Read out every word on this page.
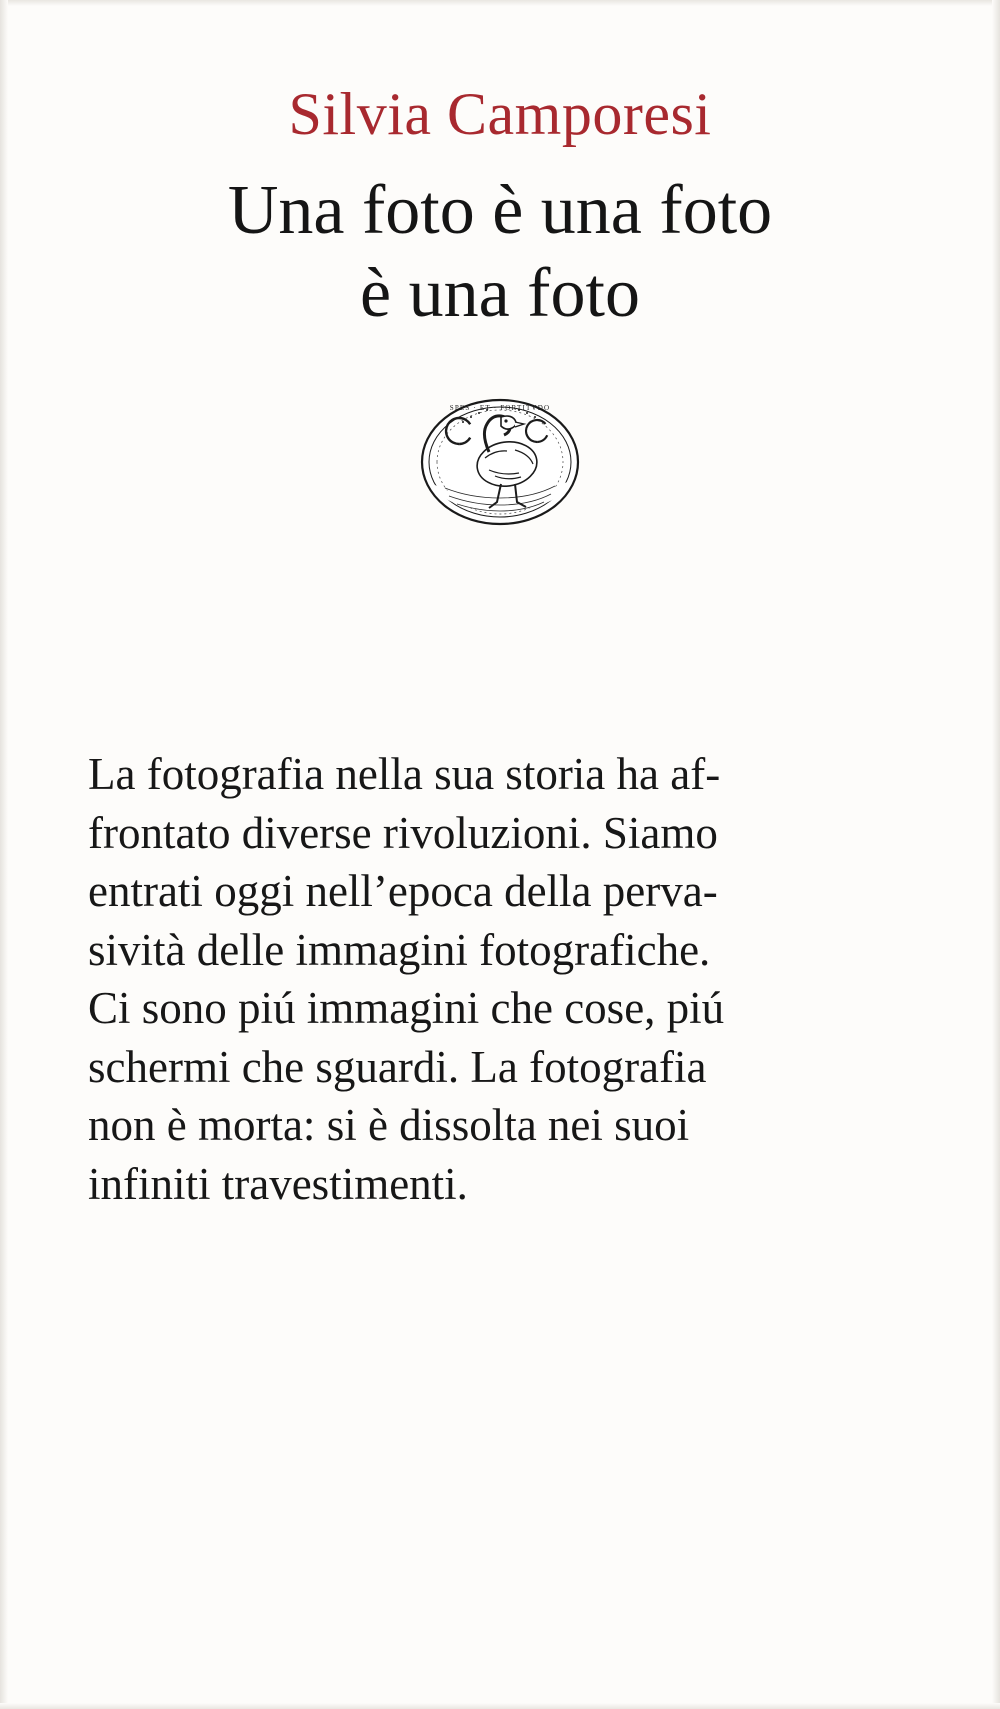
Silvia Camporesi
Una foto è una foto
è una foto
SPES · ET · FORTITVDO
La fotografia nella sua storia ha af-
frontato diverse rivoluzioni. Siamo
entrati oggi nell’epoca della perva-
sività delle immagini fotografiche.
Ci sono piú immagini che cose, piú
schermi che sguardi. La fotografia
non è morta: si è dissolta nei suoi
infiniti travestimenti.
